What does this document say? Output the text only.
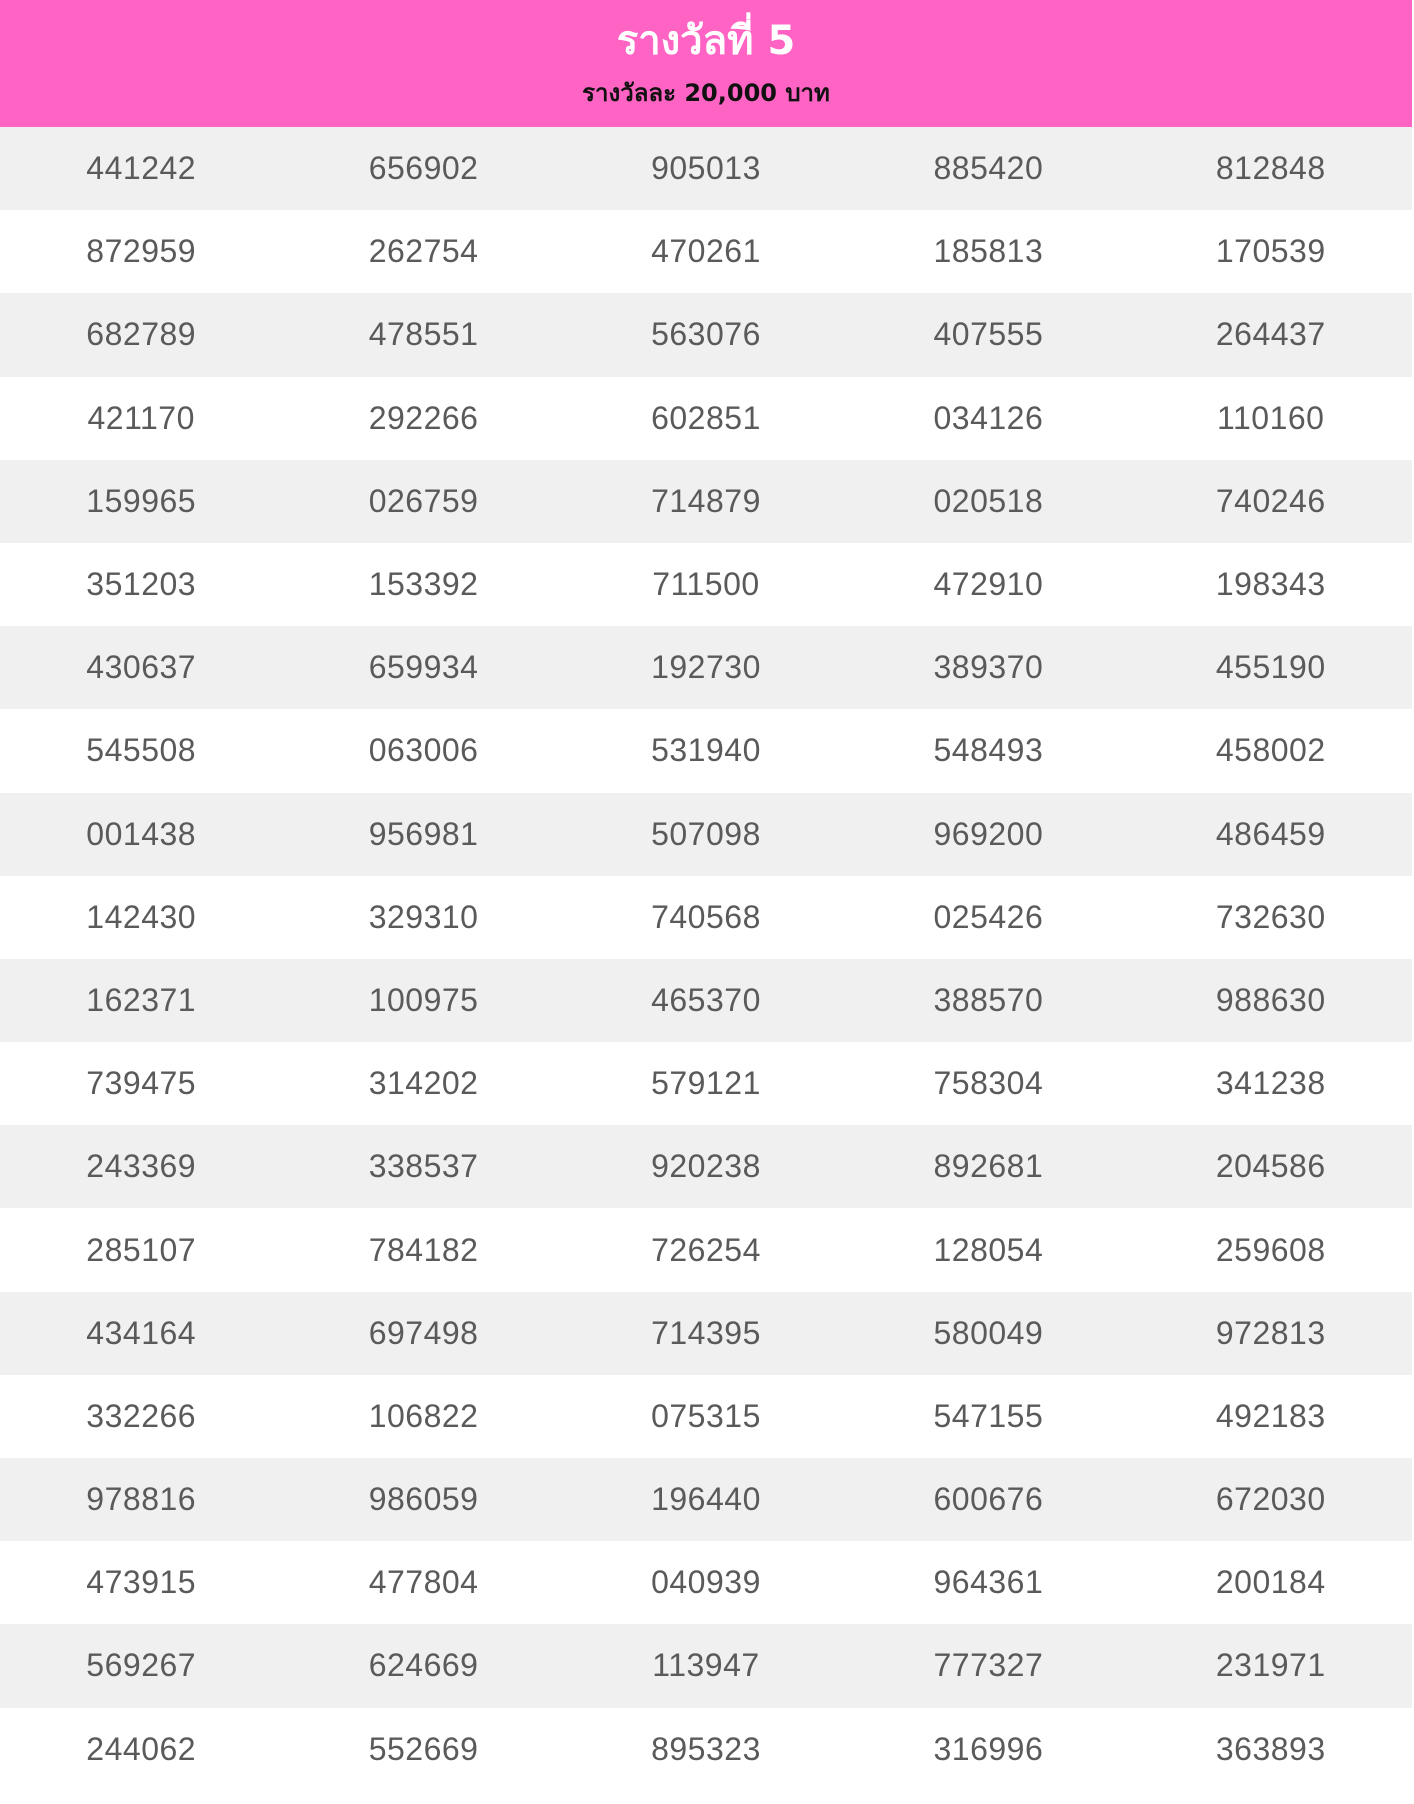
รางวัลที่ 5
รางวัลละ 20,000 บาท
441242	656902	905013	885420	812848
872959	262754	470261	185813	170539
682789	478551	563076	407555	264437
421170	292266	602851	034126	110160
159965	026759	714879	020518	740246
351203	153392	711500	472910	198343
430637	659934	192730	389370	455190
545508	063006	531940	548493	458002
001438	956981	507098	969200	486459
142430	329310	740568	025426	732630
162371	100975	465370	388570	988630
739475	314202	579121	758304	341238
243369	338537	920238	892681	204586
285107	784182	726254	128054	259608
434164	697498	714395	580049	972813
332266	106822	075315	547155	492183
978816	986059	196440	600676	672030
473915	477804	040939	964361	200184
569267	624669	113947	777327	231971
244062	552669	895323	316996	363893
